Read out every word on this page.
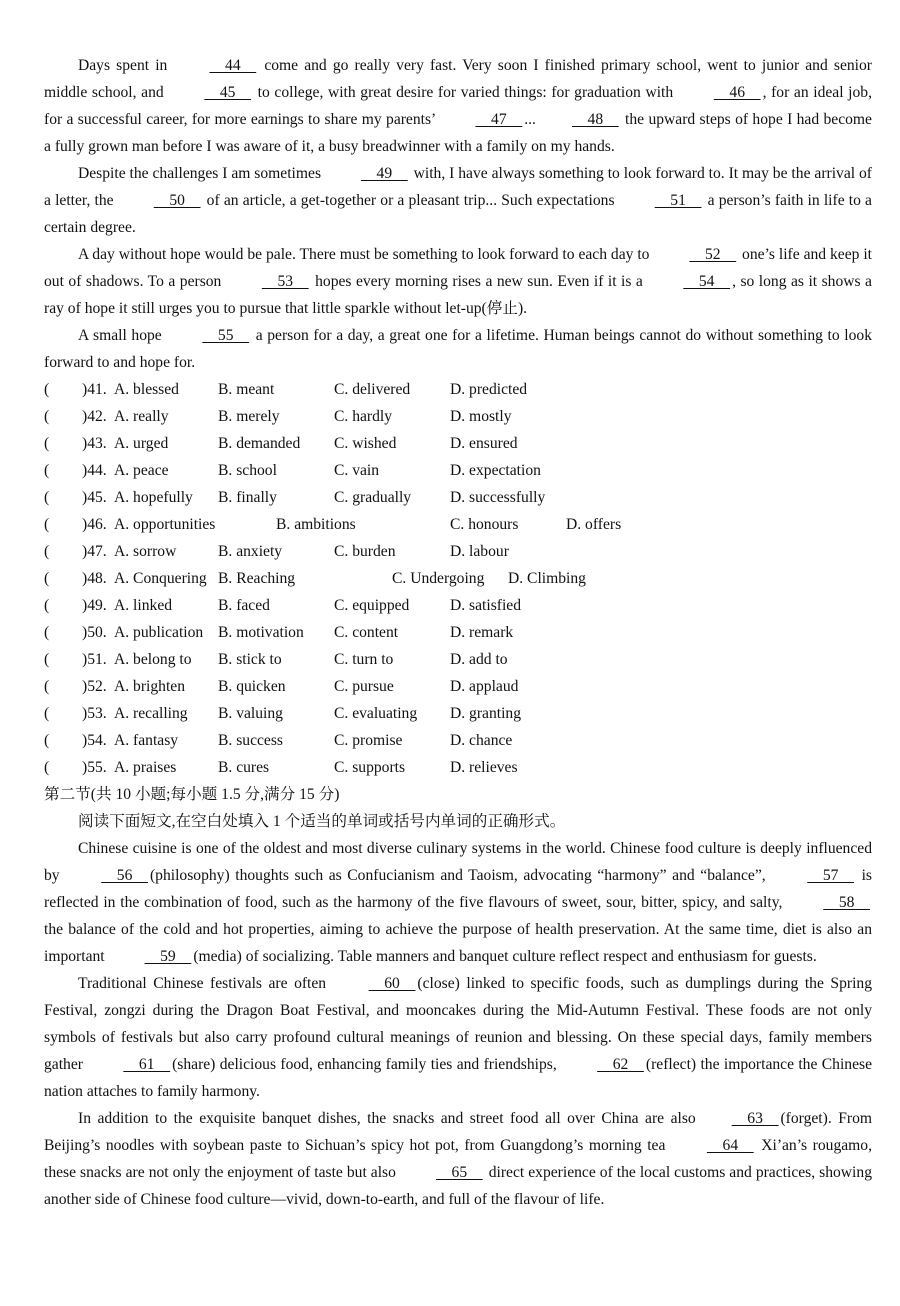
Days spent in   44   come and go really very fast. Very soon I finished primary school, went to junior and senior middle school, and   45   to college, with great desire for varied things: for graduation with   46  , for an ideal job, for a successful career, for more earnings to share my parents’   47  ...  48   the upward steps of hope I had become a fully grown man before I was aware of it, a busy breadwinner with a family on my hands.

Despite the challenges I am sometimes   49   with, I have always something to look forward to. It may be the arrival of a letter, the   50   of an article, a get-together or a pleasant trip... Such expectations   51   a person’s faith in life to a certain degree.

A day without hope would be pale. There must be something to look forward to each day to   52   one’s life and keep it out of shadows. To a person   53   hopes every morning rises a new sun. Even if it is a   54  , so long as it shows a ray of hope it still urges you to pursue that little sparkle without let-up(停止).

A small hope   55   a person for a day, a great one for a lifetime. Human beings cannot do without something to look forward to and hope for.

( )41. A. blessed	B. meant	C. delivered	D. predicted
( )42. A. really	B. merely	C. hardly	D. mostly
( )43. A. urged	B. demanded C. wished	D. ensured
( )44. A. peace	B. school	C. vain	D. expectation
( )45. A. hopefully B. finally	C. gradually D. successfully
( )46. A. opportunities	B. ambitions	C. honours	D. offers
( )47. A. sorrow	B. anxiety	C. burden	D. labour
( )48. A. Conquering B. Reaching	C. Undergoing D. Climbing
( )49. A. linked	B. faced	C. equipped	D. satisfied
( )50. A. publication B. motivation C. content	D. remark
( )51. A. belong to B. stick to	C. turn to	D. add to
( )52. A. brighten B. quicken	C. pursue	D. applaud
( )53. A. recalling B. valuing	C. evaluating D. granting
( )54. A. fantasy	B. success	C. promise	D. chance
( )55. A. praises	B. cures	C. supports	D. relieves

第二节(共 10 小题;每小题 1.5 分,满分 15 分)

阅读下面短文,在空白处填入 1 个适当的单词或括号内单词的正确形式。

Chinese cuisine is one of the oldest and most diverse culinary systems in the world. Chinese food culture is deeply influenced by   56  (philosophy) thoughts such as Confucianism and Taoism, advocating “harmony” and “balance”,   57   is reflected in the combination of food, such as the harmony of the five flavours of sweet, sour, bitter, spicy, and salty,   58   the balance of the cold and hot properties, aiming to achieve the purpose of health preservation. At the same time, diet is also an important   59  (media) of socializing. Table manners and banquet culture reflect respect and enthusiasm for guests.

Traditional Chinese festivals are often   60  (close) linked to specific foods, such as dumplings during the Spring Festival, zongzi during the Dragon Boat Festival, and mooncakes during the Mid-Autumn Festival. These foods are not only symbols of festivals but also carry profound cultural meanings of reunion and blessing. On these special days, family members gather   61  (share) delicious food, enhancing family ties and friendships,   62  (reflect) the importance the Chinese nation attaches to family harmony.

In addition to the exquisite banquet dishes, the snacks and street food all over China are also  63  (forget). From Beijing’s noodles with soybean paste to Sichuan’s spicy hot pot, from Guangdong’s morning tea   64   Xi’an’s rougamo, these snacks are not only the enjoyment of taste but also   65   direct experience of the local customs and practices, showing another side of Chinese food culture—vivid, down-to-earth, and full of the flavour of life.
